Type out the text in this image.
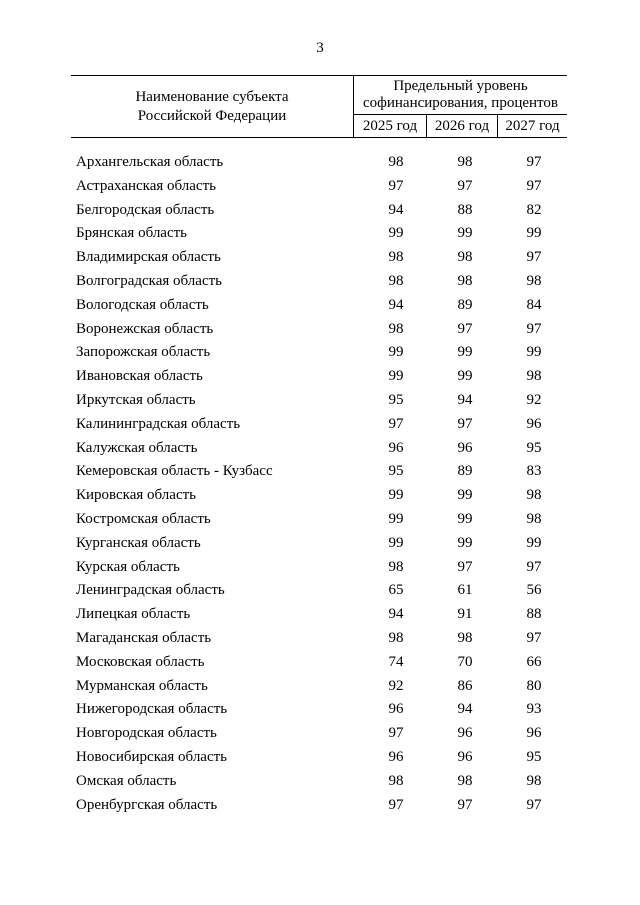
3
Наименование субъекта
Российской Федерации
Предельный уровень
софинансирования, процентов
2025 год	2026 год	2027 год
Архангельская область	98	98	97
Астраханская область	97	97	97
Белгородская область	94	88	82
Брянская область	99	99	99
Владимирская область	98	98	97
Волгоградская область	98	98	98
Вологодская область	94	89	84
Воронежская область	98	97	97
Запорожская область	99	99	99
Ивановская область	99	99	98
Иркутская область	95	94	92
Калининградская область	97	97	96
Калужская область	96	96	95
Кемеровская область - Кузбасс	95	89	83
Кировская область	99	99	98
Костромская область	99	99	98
Курганская область	99	99	99
Курская область	98	97	97
Ленинградская область	65	61	56
Липецкая область	94	91	88
Магаданская область	98	98	97
Московская область	74	70	66
Мурманская область	92	86	80
Нижегородская область	96	94	93
Новгородская область	97	96	96
Новосибирская область	96	96	95
Омская область	98	98	98
Оренбургская область	97	97	97
